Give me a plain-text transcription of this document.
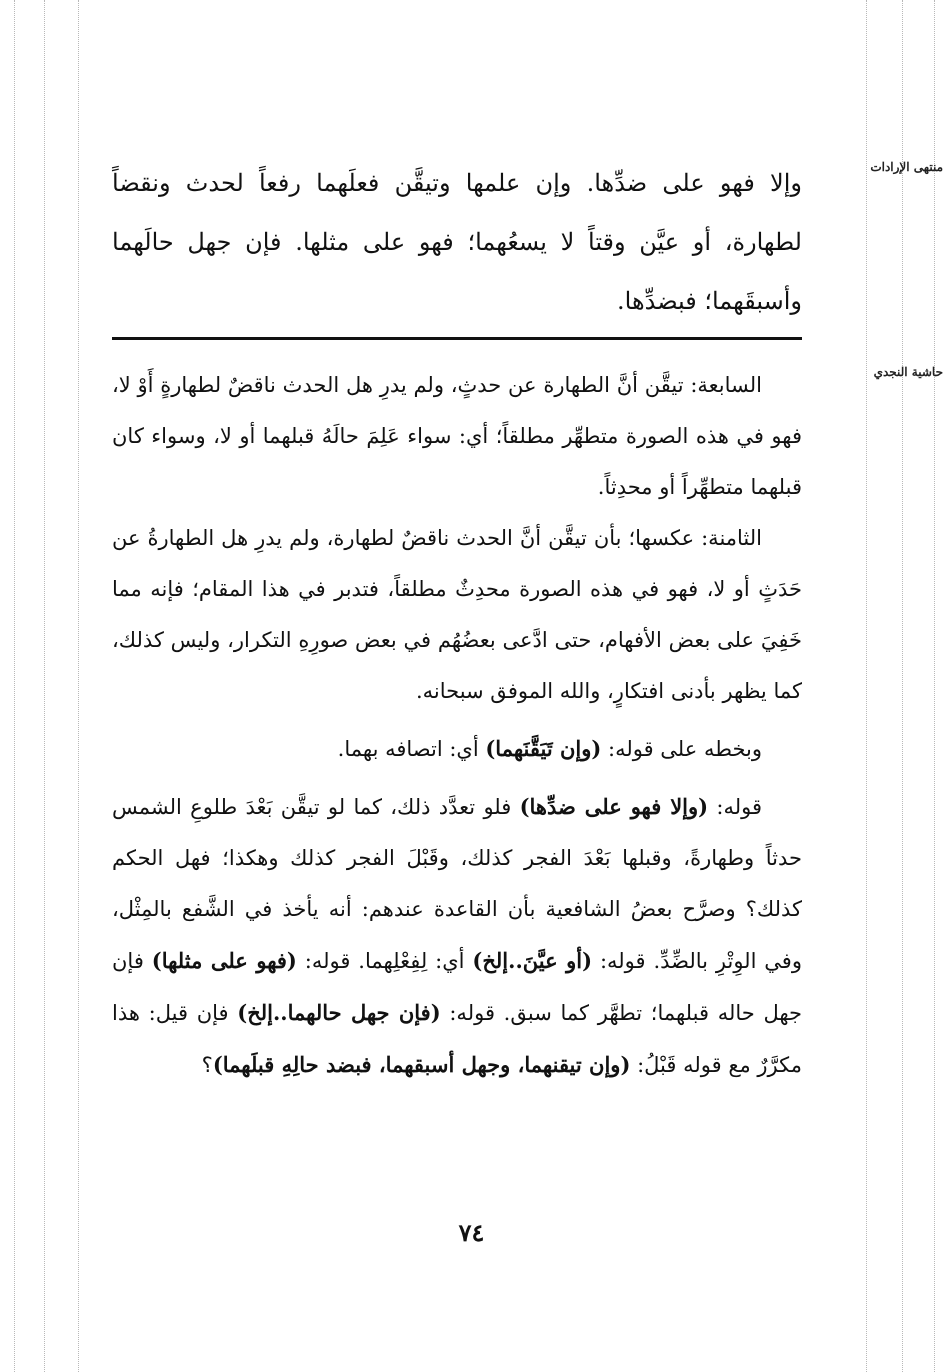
منتهى الإرادات
حاشية النجدي

وإلا فهو على ضدِّها. وإن علمها وتيقَّن فعلَهما رفعاً لحدث ونقضاً لطهارة، أو عيَّن وقتاً لا يسعُهما؛ فهو على مثلها. فإن جهل حالَهما وأسبقَهما؛ فبضدِّها.

السابعة: تيقَّن أنَّ الطهارة عن حدثٍ، ولم يدرِ هل الحدث ناقضٌ لطهارةٍ أَوْ لا، فهو في هذه الصورة متطهِّر مطلقاً؛ أي: سواء عَلِمَ حالَهُ قبلهما أو لا، وسواء كان قبلهما متطهِّراً أو محدِثاً.

الثامنة: عكسها؛ بأن تيقَّن أنَّ الحدث ناقضٌ لطهارة، ولم يدرِ هل الطهارةُ عن حَدَثٍ أو لا، فهو في هذه الصورة محدِثٌ مطلقاً، فتدبر في هذا المقام؛ فإنه مما خَفِيَ على بعض الأفهام، حتى ادَّعى بعضُهُم في بعض صورِهِ التكرار، وليس كذلك، كما يظهر بأدنى افتكارٍ، والله الموفق سبحانه.

وبخطه على قوله: (وإن تَيَقَّنَهما) أي: اتصافه بهما.

قوله: (وإلا فهو على ضدِّها) فلو تعدَّد ذلك، كما لو تيقَّن بَعْدَ طلوعِ الشمس حدثاً وطهارةً، وقبلها بَعْدَ الفجر كذلك، وقَبْلَ الفجر كذلك وهكذا؛ فهل الحكم كذلك؟ وصرَّح بعضُ الشافعية بأن القاعدة عندهم: أنه يأخذ في الشَّفع بالمِثْل، وفي الوِتْرِ بالضِّدِّ. قوله: (أو عيَّنَ..إلخ) أي: لِفِعْلِهما. قوله: (فهو على مثلها) فإن جهل حاله قبلهما؛ تطهَّر كما سبق. قوله: (فإن جهل حالهما..إلخ) فإن قيل: هذا مكرَّرٌ مع قوله قَبْلُ: (وإن تيقنهما، وجهل أسبقهما، فبضد حالِهِ قبلَهما)؟

٧٤
